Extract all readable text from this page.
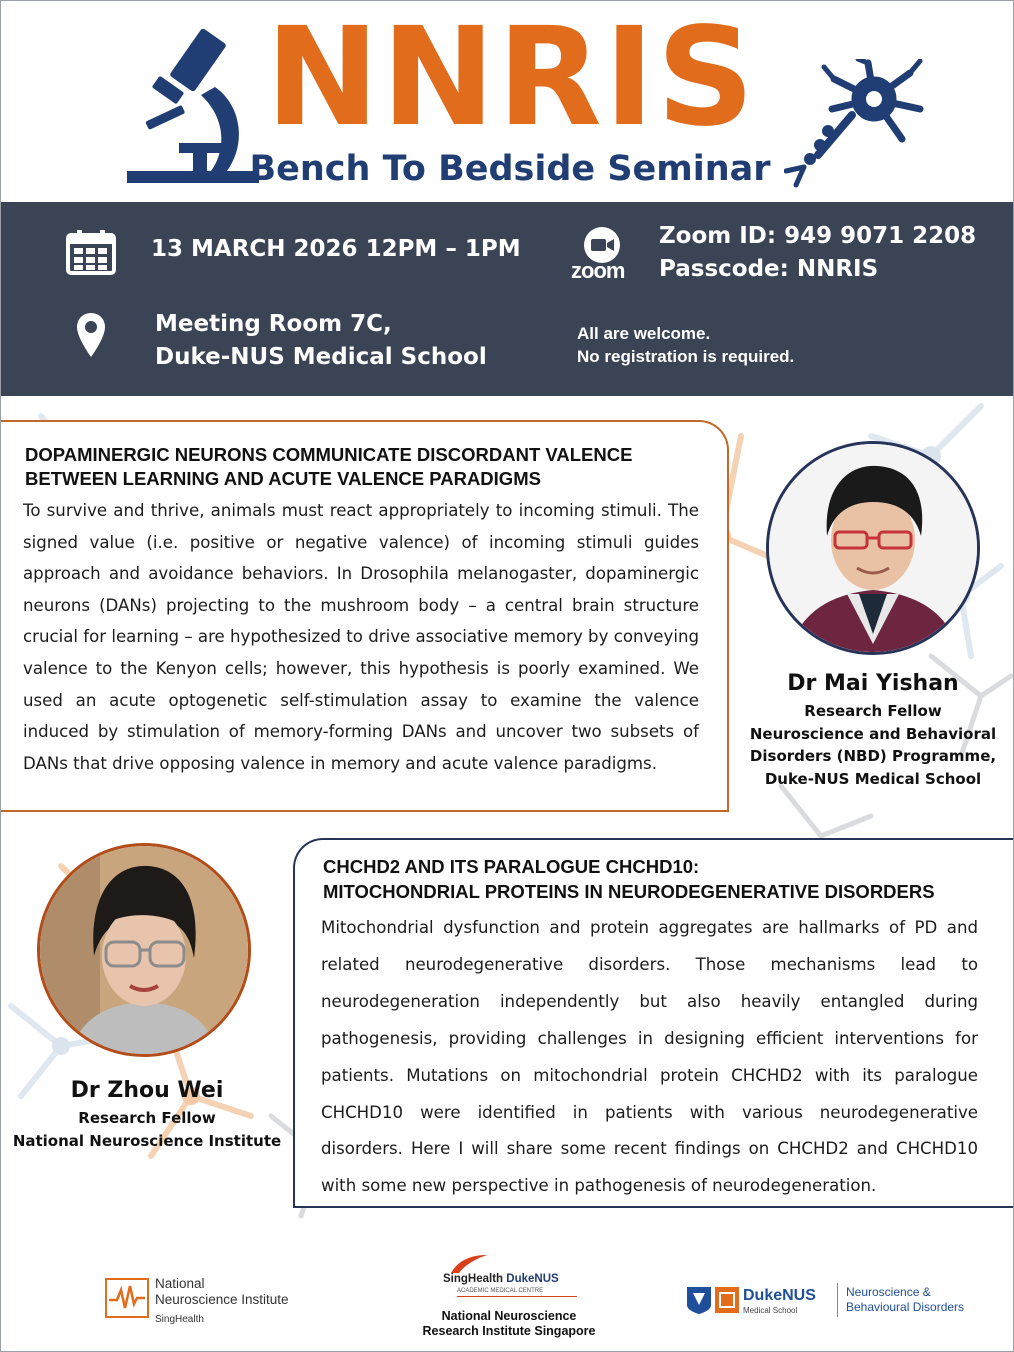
NNRIS
Bench To Bedside Seminar
13 MARCH 2026 12PM – 1PM
zoom
Zoom ID: 949 9071 2208
Passcode: NNRIS
Meeting Room 7C,
Duke-NUS Medical School
All are welcome.
No registration is required.
DOPAMINERGIC NEURONS COMMUNICATE DISCORDANT VALENCE
BETWEEN LEARNING AND ACUTE VALENCE PARADIGMS

To survive and thrive, animals must react appropriately to incoming stimuli. The signed value (i.e. positive or negative valence) of incoming stimuli guides approach and avoidance behaviors. In Drosophila melanogaster, dopaminergic neurons (DANs) projecting to the mushroom body – a central brain structure crucial for learning – are hypothesized to drive associative memory by conveying valence to the Kenyon cells; however, this hypothesis is poorly examined. We used an acute optogenetic self-stimulation assay to examine the valence induced by stimulation of memory-forming DANs and uncover two subsets of DANs that drive opposing valence in memory and acute valence paradigms.

Dr Mai Yishan
Research Fellow
Neuroscience and Behavioral
Disorders (NBD) Programme,
Duke-NUS Medical School
CHCHD2 AND ITS PARALOGUE CHCHD10:
MITOCHONDRIAL PROTEINS IN NEURODEGENERATIVE DISORDERS

Mitochondrial dysfunction and protein aggregates are hallmarks of PD and related neurodegenerative disorders. Those mechanisms lead to neurodegeneration independently but also heavily entangled during pathogenesis, providing challenges in designing efficient interventions for patients. Mutations on mitochondrial protein CHCHD2 with its paralogue CHCHD10 were identified in patients with various neurodegenerative disorders. Here I will share some recent findings on CHCHD2 and CHCHD10 with some new perspective in pathogenesis of neurodegeneration.

Dr Zhou Wei
Research Fellow
National Neuroscience Institute
National
Neuroscience Institute
SingHealth
SingHealth DukeNUS
ACADEMIC MEDICAL CENTRE
National Neuroscience
Research Institute Singapore
DukeNUS
Medical School
Neuroscience &
Behavioural Disorders
